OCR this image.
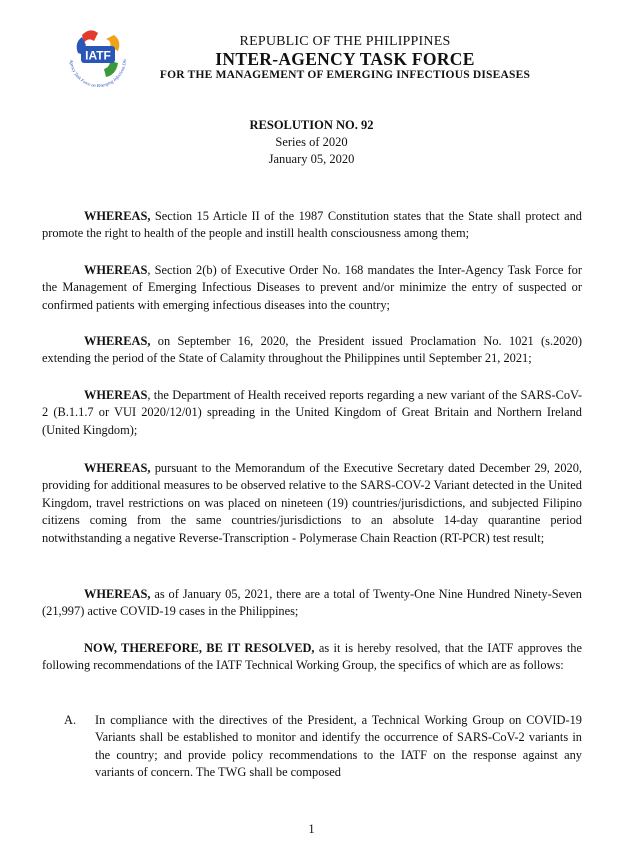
IATF
Agency Task Force on Emerging Infectious Dis
REPUBLIC OF THE PHILIPPINES
INTER-AGENCY TASK FORCE
FOR THE MANAGEMENT OF EMERGING INFECTIOUS DISEASES
RESOLUTION NO. 92
Series of 2020
January 05, 2020

WHEREAS, Section 15 Article II of the 1987 Constitution states that the State shall protect and promote the right to health of the people and instill health consciousness among them;

WHEREAS, Section 2(b) of Executive Order No. 168 mandates the Inter-Agency Task Force for the Management of Emerging Infectious Diseases to prevent and/or minimize the entry of suspected or confirmed patients with emerging infectious diseases into the country;

WHEREAS, on September 16, 2020, the President issued Proclamation No. 1021 (s.2020) extending the period of the State of Calamity throughout the Philippines until September 21, 2021;

WHEREAS, the Department of Health received reports regarding a new variant of the SARS-CoV-2 (B.1.1.7 or VUI 2020/12/01) spreading in the United Kingdom of Great Britain and Northern Ireland (United Kingdom);

WHEREAS, pursuant to the Memorandum of the Executive Secretary dated December 29, 2020, providing for additional measures to be observed relative to the SARS-COV-2 Variant detected in the United Kingdom, travel restrictions on was placed on nineteen (19) countries/jurisdictions, and subjected Filipino citizens coming from the same countries/jurisdictions to an absolute 14-day quarantine period notwithstanding a negative Reverse-Transcription - Polymerase Chain Reaction (RT-PCR) test result;

WHEREAS, as of January 05, 2021, there are a total of Twenty-One Nine Hundred Ninety-Seven (21,997) active COVID-19 cases in the Philippines;

NOW, THEREFORE, BE IT RESOLVED, as it is hereby resolved, that the IATF approves the following recommendations of the IATF Technical Working Group, the specifics of which are as follows:

A.	In compliance with the directives of the President, a Technical Working Group on COVID-19 Variants shall be established to monitor and identify the occurrence of SARS-CoV-2 variants in the country; and provide policy recommendations to the IATF on the response against any variants of concern. The TWG shall be composed
1
